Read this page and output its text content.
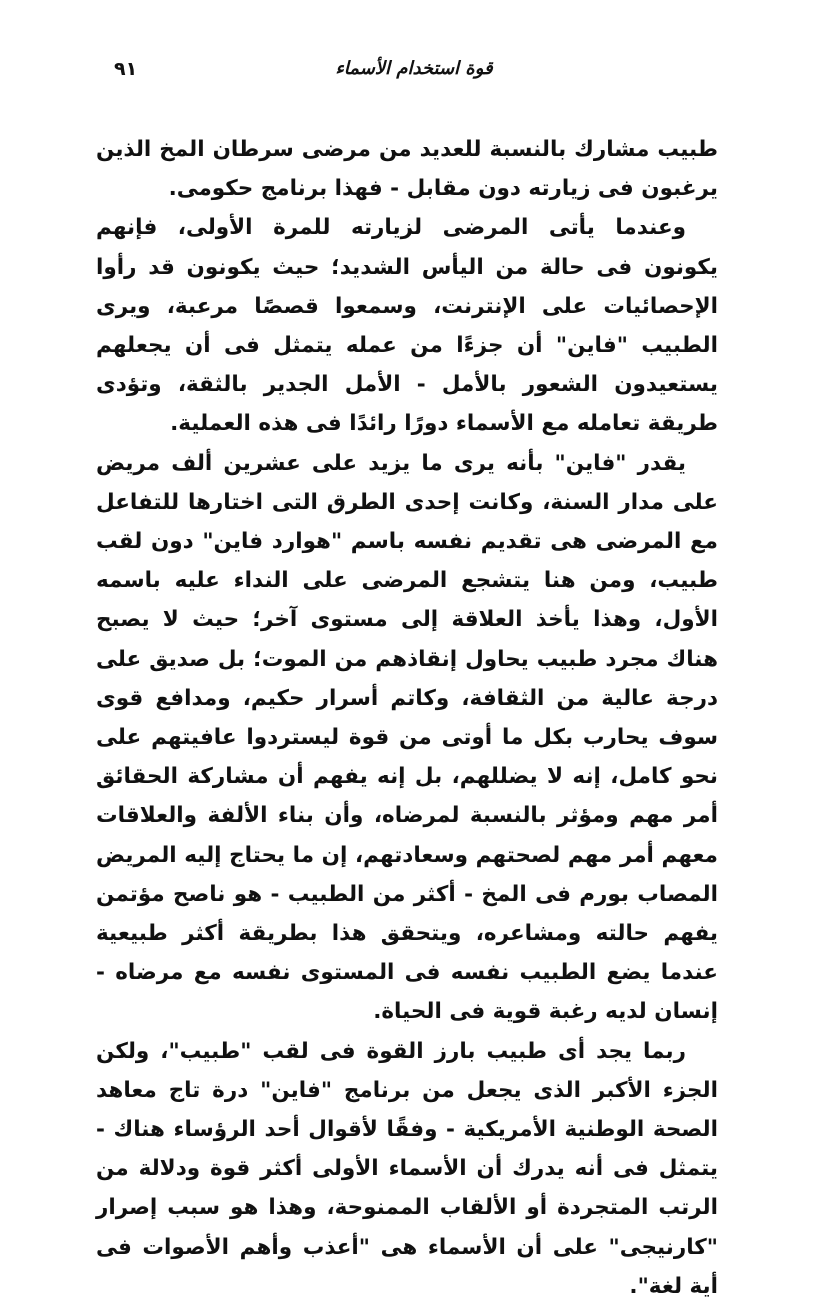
٩١	قوة استخدام الأسماء

طبيب مشارك بالنسبة للعديد من مرضى سرطان المخ الذين يرغبون فى زيارته دون مقابل - فهذا برنامج حكومى.

وعندما يأتى المرضى لزيارته للمرة الأولى، فإنهم يكونون فى حالة من اليأس الشديد؛ حيث يكونون قد رأوا الإحصائيات على الإنترنت، وسمعوا قصصًا مرعبة، ويرى الطبيب "فاين" أن جزءًا من عمله يتمثل فى أن يجعلهم يستعيدون الشعور بالأمل - الأمل الجدير بالثقة، وتؤدى طريقة تعامله مع الأسماء دورًا رائدًا فى هذه العملية.

يقدر "فاين" بأنه يرى ما يزيد على عشرين ألف مريض على مدار السنة، وكانت إحدى الطرق التى اختارها للتفاعل مع المرضى هى تقديم نفسه باسم "هوارد فاين" دون لقب طبيب، ومن هنا يتشجع المرضى على النداء عليه باسمه الأول، وهذا يأخذ العلاقة إلى مستوى آخر؛ حيث لا يصبح هناك مجرد طبيب يحاول إنقاذهم من الموت؛ بل صديق على درجة عالية من الثقافة، وكاتم أسرار حكيم، ومدافع قوى سوف يحارب بكل ما أوتى من قوة ليستردوا عافيتهم على نحو كامل، إنه لا يضللهم، بل إنه يفهم أن مشاركة الحقائق أمر مهم ومؤثر بالنسبة لمرضاه، وأن بناء الألفة والعلاقات معهم أمر مهم لصحتهم وسعادتهم، إن ما يحتاج إليه المريض المصاب بورم فى المخ - أكثر من الطبيب - هو ناصح مؤتمن يفهم حالته ومشاعره، ويتحقق هذا بطريقة أكثر طبيعية عندما يضع الطبيب نفسه فى المستوى نفسه مع مرضاه - إنسان لديه رغبة قوية فى الحياة.

ربما يجد أى طبيب بارز القوة فى لقب "طبيب"، ولكن الجزء الأكبر الذى يجعل من برنامج "فاين" درة تاج معاهد الصحة الوطنية الأمريكية - وفقًا لأقوال أحد الرؤساء هناك - يتمثل فى أنه يدرك أن الأسماء الأولى أكثر قوة ودلالة من الرتب المتجردة أو الألقاب الممنوحة، وهذا هو سبب إصرار "كارنيجى" على أن الأسماء هى "أعذب وأهم الأصوات فى أية لغة".
